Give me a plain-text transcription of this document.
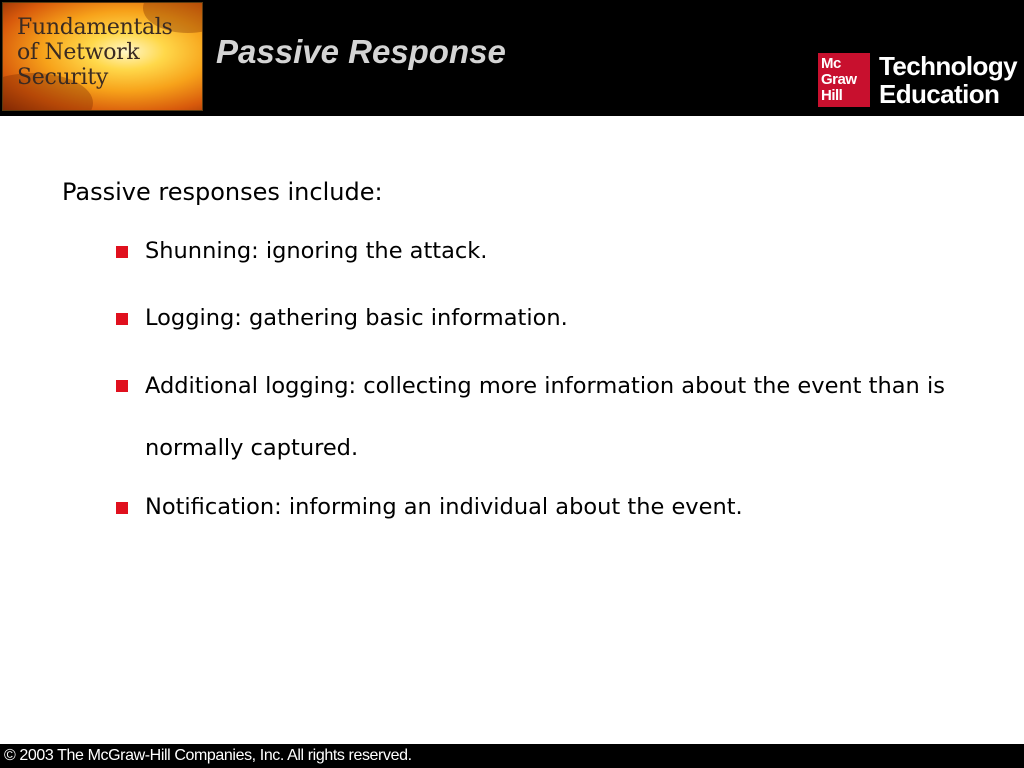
Fundamentals
of Network
Security
Passive Response	Mc
Graw
Hill
Technology
Education

Passive responses include:

Shunning: ignoring the attack.
Logging: gathering basic information.
Additional logging: collecting more information about the event than is normally captured.
Notification: informing an individual about the event.
© 2003 The McGraw-Hill Companies, Inc. All rights reserved.
